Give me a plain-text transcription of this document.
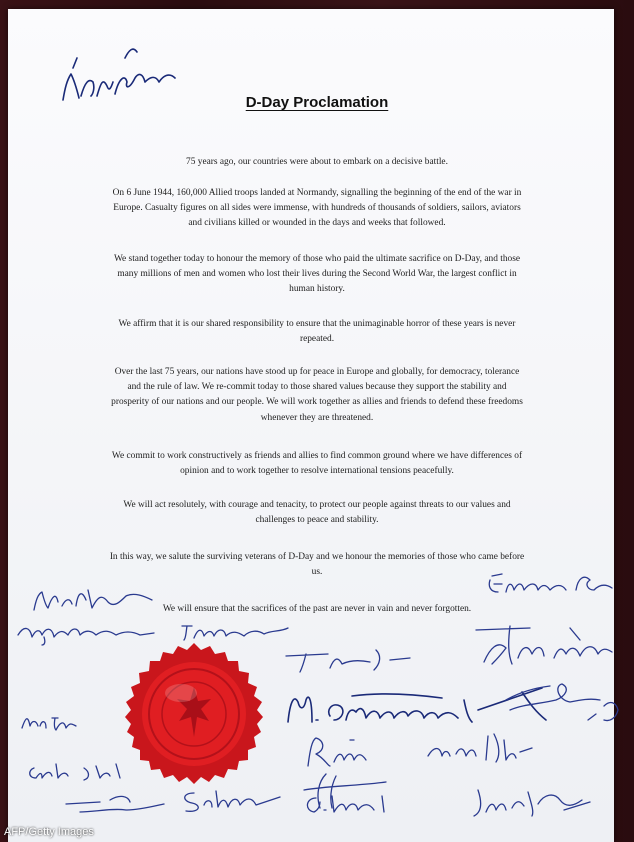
D-Day Proclamation

75 years ago, our countries were about to embark on a decisive battle.

On 6 June 1944, 160,000 Allied troops landed at Normandy, signalling the beginning of the end of the war in Europe. Casualty figures on all sides were immense, with hundreds of thousands of soldiers, sailors, aviators and civilians killed or wounded in the days and weeks that followed.

We stand together today to honour the memory of those who paid the ultimate sacrifice on D-Day, and those many millions of men and women who lost their lives during the Second World War, the largest conflict in human history.

We affirm that it is our shared responsibility to ensure that the unimaginable horror of these years is never repeated.

Over the last 75 years, our nations have stood up for peace in Europe and globally, for democracy, tolerance and the rule of law. We re-commit today to those shared values because they support the stability and prosperity of our nations and our people. We will work together as allies and friends to defend these freedoms whenever they are threatened.

We commit to work constructively as friends and allies to find common ground where we have differences of opinion and to work together to resolve international tensions peacefully.

We will act resolutely, with courage and tenacity, to protect our people against threats to our values and challenges to peace and stability.

In this way, we salute the surviving veterans of D-Day and we honour the memories of those who came before us.

We will ensure that the sacrifices of the past are never in vain and never forgotten.

AFP/Getty Images
